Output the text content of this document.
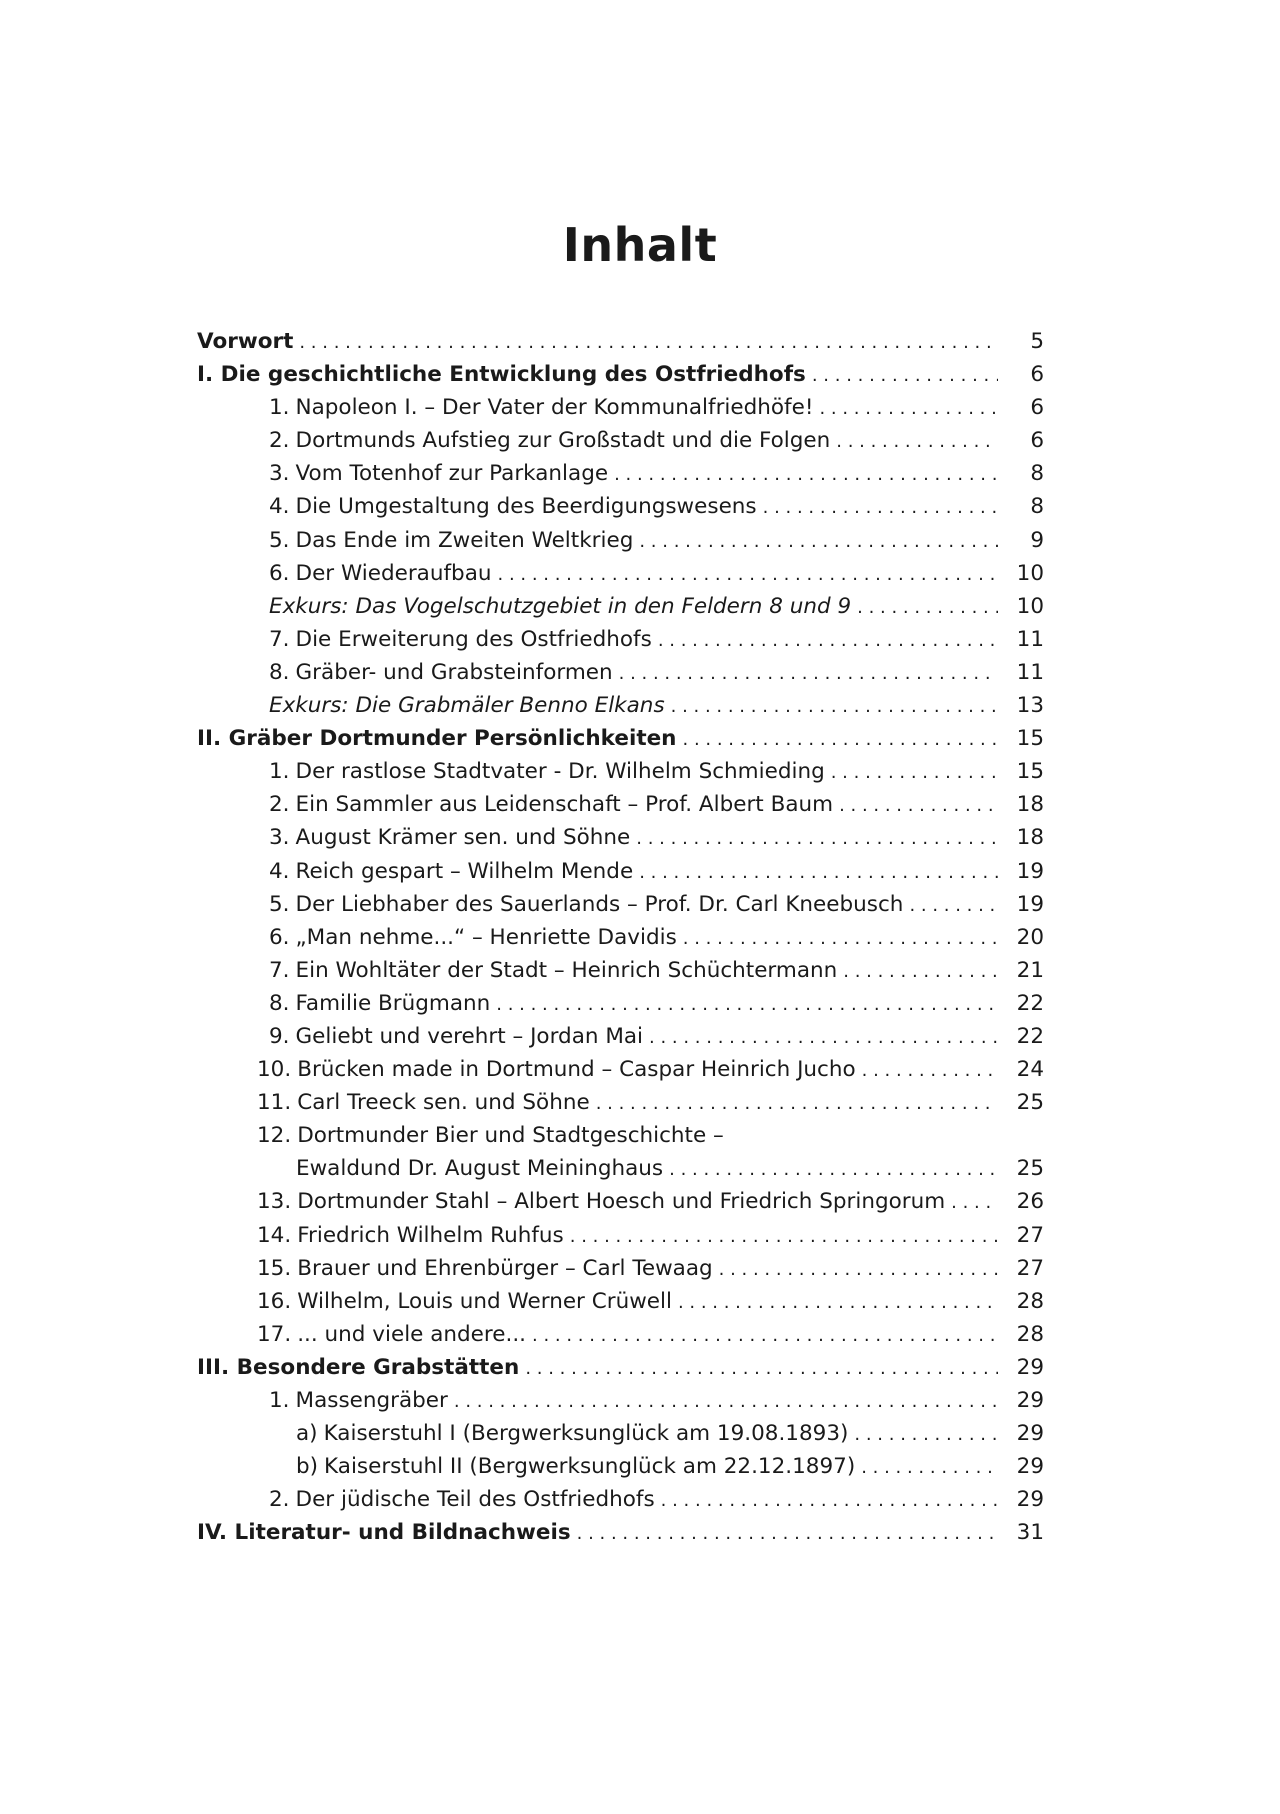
Inhalt
Vorwort . . .	5
I. Die geschichtliche Entwicklung des Ostfriedhofs . . .	6
1. Napoleon I. – Der Vater der Kommunalfriedhöfe! . . .	6
2. Dortmunds Aufstieg zur Großstadt und die Folgen . . .	6
3. Vom Totenhof zur Parkanlage . . .	8
4. Die Umgestaltung des Beerdigungswesens . . .	8
5. Das Ende im Zweiten Weltkrieg . . .	9
6. Der Wiederaufbau . . .	10
Exkurs: Das Vogelschutzgebiet in den Feldern 8 und 9 . . .	10
7. Die Erweiterung des Ostfriedhofs . . .	11
8. Gräber- und Grabsteinformen . . .	11
Exkurs: Die Grabmäler Benno Elkans . . .	13
II. Gräber Dortmunder Persönlichkeiten . . .	15
1. Der rastlose Stadtvater - Dr. Wilhelm Schmieding . . .	15
2. Ein Sammler aus Leidenschaft – Prof. Albert Baum . . .	18
3. August Krämer sen. und Söhne . . .	18
4. Reich gespart – Wilhelm Mende . . .	19
5. Der Liebhaber des Sauerlands – Prof. Dr. Carl Kneebusch . . .	19
6. „Man nehme...“ – Henriette Davidis . . .	20
7. Ein Wohltäter der Stadt – Heinrich Schüchtermann . . .	21
8. Familie Brügmann . . .	22
9. Geliebt und verehrt – Jordan Mai . . .	22
10. Brücken made in Dortmund – Caspar Heinrich Jucho . . .	24
11. Carl Treeck sen. und Söhne . . .	25
12. Dortmunder Bier und Stadtgeschichte –
Ewaldund Dr. August Meininghaus . . .	25
13. Dortmunder Stahl – Albert Hoesch und Friedrich Springorum . . .	26
14. Friedrich Wilhelm Ruhfus . . .	27
15. Brauer und Ehrenbürger – Carl Tewaag . . .	27
16. Wilhelm, Louis und Werner Crüwell . . .	28
17. ... und viele andere... . . .	28
III. Besondere Grabstätten . . .	29
1. Massengräber . . .	29
a) Kaiserstuhl I (Bergwerksunglück am 19.08.1893) . . .	29
b) Kaiserstuhl II (Bergwerksunglück am 22.12.1897) . . .	29
2. Der jüdische Teil des Ostfriedhofs . . .	29
IV. Literatur- und Bildnachweis . . .	31
